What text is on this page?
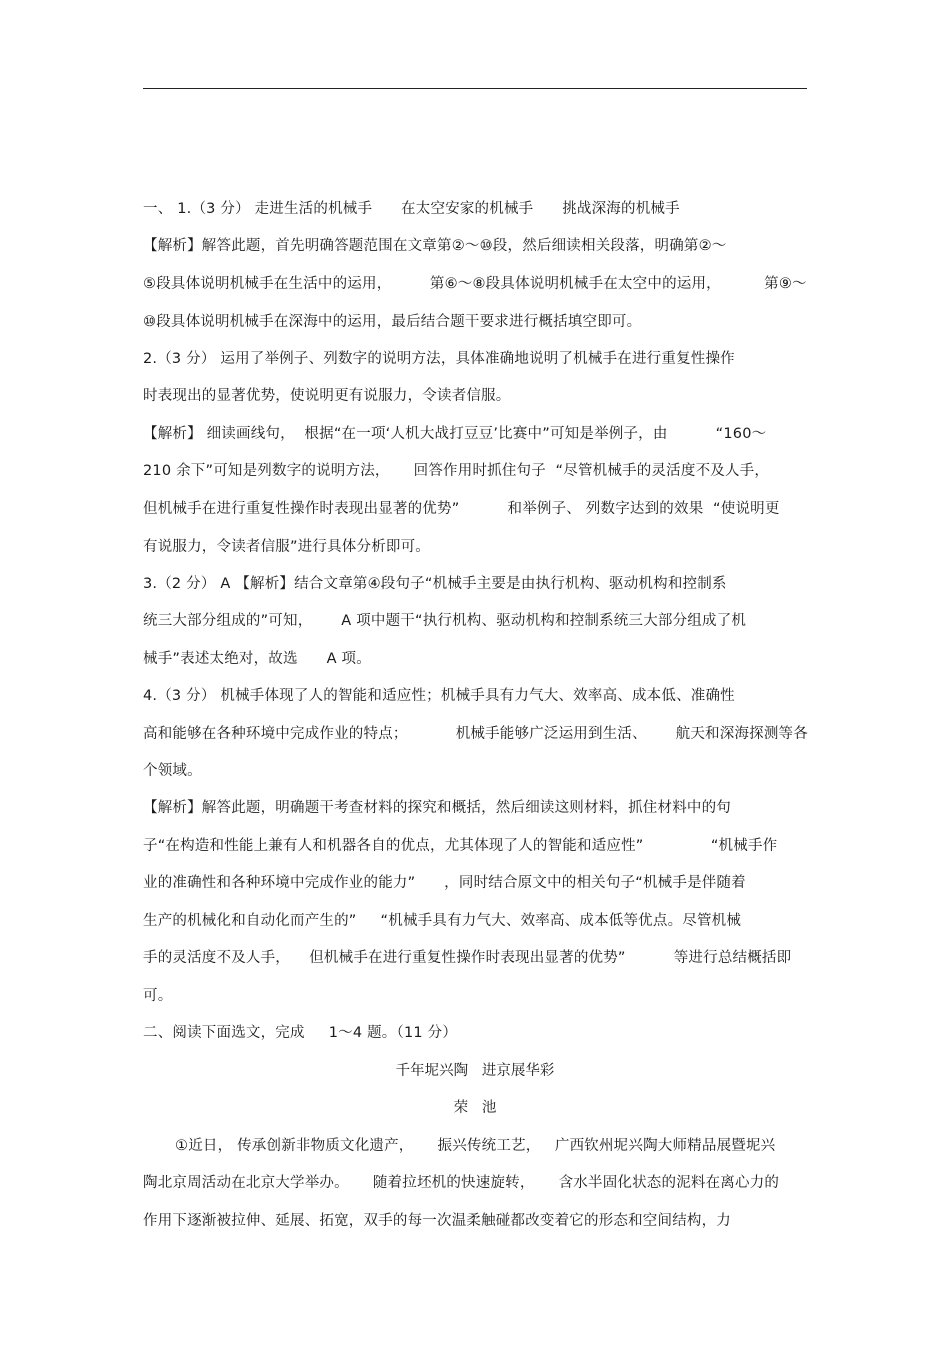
一、 1.（3 分） 走进生活的机械手      在太空安家的机械手      挑战深海的机械手
【解析】解答此题，首先明确答题范围在文章第②～⑩段，然后细读相关段落，明确第②～
⑤段具体说明机械手在生活中的运用，        第⑥～⑧段具体说明机械手在太空中的运用，         第⑨～
⑩段具体说明机械手在深海中的运用，最后结合题干要求进行概括填空即可。
2.（3 分） 运用了举例子、列数字的说明方法，具体准确地说明了机械手在进行重复性操作
时表现出的显著优势，使说明更有说服力，令读者信服。
【解析】 细读画线句，  根据“在一项‘人机大战打豆豆’比赛中”可知是举例子，由          “160～
210 余下”可知是列数字的说明方法，     回答作用时抓住句子  “尽管机械手的灵活度不及人手，
但机械手在进行重复性操作时表现出显著的优势”          和举例子、 列数字达到的效果  “使说明更
有说服力，令读者信服”进行具体分析即可。
3.（2 分） A 【解析】结合文章第④段句子“机械手主要是由执行机构、驱动机构和控制系
统三大部分组成的”可知，      A 项中题干“执行机构、驱动机构和控制系统三大部分组成了机
械手”表述太绝对，故选      A 项。
4.（3 分） 机械手体现了人的智能和适应性；机械手具有力气大、效率高、成本低、准确性
高和能够在各种环境中完成作业的特点；          机械手能够广泛运用到生活、      航天和深海探测等各
个领域。
【解析】解答此题，明确题干考查材料的探究和概括，然后细读这则材料，抓住材料中的句
子“在构造和性能上兼有人和机器各自的优点，尤其体现了人的智能和适应性”              “机械手作
业的准确性和各种环境中完成作业的能力”      ，同时结合原文中的相关句子“机械手是伴随着
生产的机械化和自动化而产生的”     “机械手具有力气大、效率高、成本低等优点。尽管机械
手的灵活度不及人手，    但机械手在进行重复性操作时表现出显著的优势”          等进行总结概括即
可。
二、阅读下面选文，完成     1～4 题。（11 分）
千年坭兴陶   进京展华彩
荣   池
①近日， 传承创新非物质文化遗产，     振兴传统工艺，   广西钦州坭兴陶大师精品展暨坭兴
陶北京周活动在北京大学举办。     随着拉坯机的快速旋转，     含水半固化状态的泥料在离心力的
作用下逐渐被拉伸、延展、拓宽，双手的每一次温柔触碰都改变着它的形态和空间结构，力
